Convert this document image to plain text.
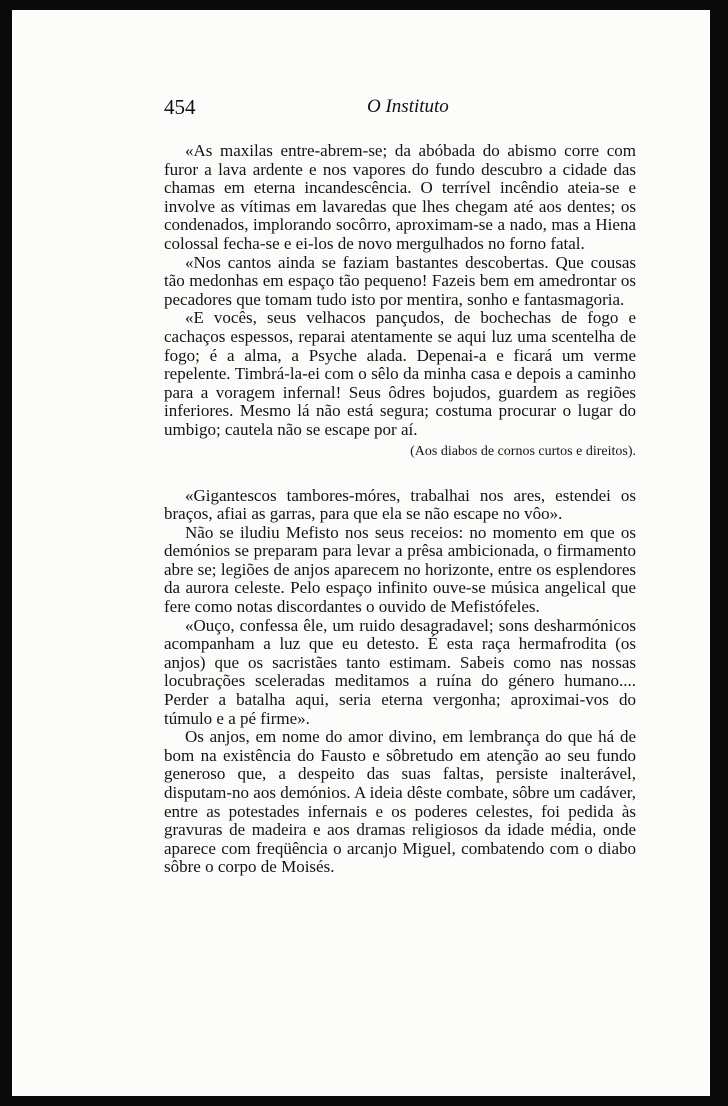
454	O Instituto

«As maxilas entre-abrem-se; da abóbada do abismo corre com furor a lava ardente e nos vapores do fundo descubro a cidade das chamas em eterna incandescência. O terrível incêndio ateia-se e involve as vítimas em lavaredas que lhes chegam até aos dentes; os condenados, implorando socôrro, aproximam-se a nado, mas a Hiena colossal fecha-se e ei-los de novo mergulhados no forno fatal.

«Nos cantos ainda se faziam bastantes descobertas. Que cousas tão medonhas em espaço tão pequeno! Fazeis bem em amedrontar os pecadores que tomam tudo isto por mentira, sonho e fantasmagoria.

«E vocês, seus velhacos pançudos, de bochechas de fogo e cachaços espessos, reparai atentamente se aqui luz uma scentelha de fogo; é a alma, a Psyche alada. Depenai-a e ficará um verme repelente. Timbrá-la-ei com o sêlo da minha casa e depois a caminho para a voragem infernal! Seus ôdres bojudos, guardem as regiões inferiores. Mesmo lá não está segura; costuma procurar o lugar do umbigo; cautela não se escape por aí.

(Aos diabos de cornos curtos e direitos).

«Gigantescos tambores-móres, trabalhai nos ares, estendei os braços, afiai as garras, para que ela se não escape no vôo».

Não se iludiu Mefisto nos seus receios: no momento em que os demónios se preparam para levar a prêsa ambicionada, o firmamento abre se; legiões de anjos aparecem no horizonte, entre os esplendores da aurora celeste. Pelo espaço infinito ouve-se música angelical que fere como notas discordantes o ouvido de Mefistófeles.

«Ouço, confessa êle, um ruido desagradavel; sons desharmónicos acompanham a luz que eu detesto. É esta raça hermafrodita (os anjos) que os sacristães tanto estimam. Sabeis como nas nossas locubrações sceleradas meditamos a ruína do género humano.... Perder a batalha aqui, seria eterna vergonha; aproximai-vos do túmulo e a pé firme».

Os anjos, em nome do amor divino, em lembrança do que há de bom na existência do Fausto e sôbretudo em atenção ao seu fundo generoso que, a despeito das suas faltas, persiste inalterável, disputam-no aos demónios. A ideia dêste combate, sôbre um cadáver, entre as potestades infernais e os poderes celestes, foi pedida às gravuras de madeira e aos dramas religiosos da idade média, onde aparece com freqüência o arcanjo Miguel, combatendo com o diabo sôbre o corpo de Moisés.
